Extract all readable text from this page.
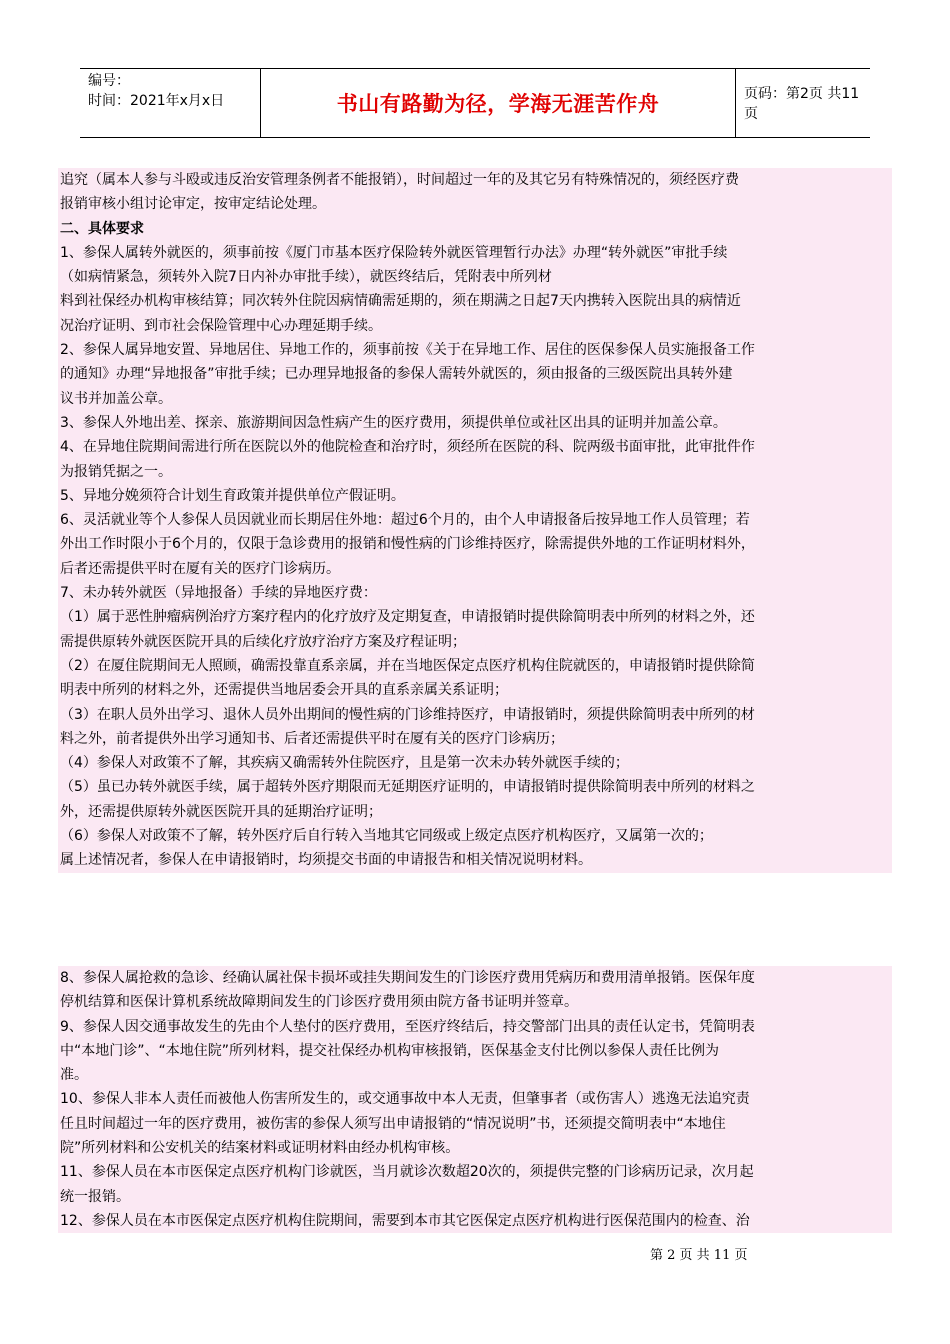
编号：
时间：2021年x月x日	书山有路勤为径，学海无涯苦作舟	页码：第2页 共11页

追究（属本人参与斗殴或违反治安管理条例者不能报销），时间超过一年的及其它另有特殊情况的，须经医疗费

报销审核小组讨论审定，按审定结论处理。

二、具体要求

1、参保人属转外就医的，须事前按《厦门市基本医疗保险转外就医管理暂行办法》办理“转外就医”审批手续

（如病情紧急，须转外入院7日内补办审批手续），就医终结后，凭附表中所列材

料到社保经办机构审核结算；同次转外住院因病情确需延期的，须在期满之日起7天内携转入医院出具的病情近

况治疗证明、到市社会保险管理中心办理延期手续。

2、参保人属异地安置、异地居住、异地工作的，须事前按《关于在异地工作、居住的医保参保人员实施报备工作

的通知》办理“异地报备”审批手续；已办理异地报备的参保人需转外就医的，须由报备的三级医院出具转外建

议书并加盖公章。

3、参保人外地出差、探亲、旅游期间因急性病产生的医疗费用，须提供单位或社区出具的证明并加盖公章。

4、在异地住院期间需进行所在医院以外的他院检查和治疗时，须经所在医院的科、院两级书面审批，此审批件作

为报销凭据之一。

5、异地分娩须符合计划生育政策并提供单位产假证明。

6、灵活就业等个人参保人员因就业而长期居住外地：超过6个月的，由个人申请报备后按异地工作人员管理；若

外出工作时限小于6个月的，仅限于急诊费用的报销和慢性病的门诊维持医疗，除需提供外地的工作证明材料外，

后者还需提供平时在厦有关的医疗门诊病历。

7、未办转外就医（异地报备）手续的异地医疗费：

（1）属于恶性肿瘤病例治疗方案疗程内的化疗放疗及定期复查，申请报销时提供除简明表中所列的材料之外，还

需提供原转外就医医院开具的后续化疗放疗治疗方案及疗程证明；

（2）在厦住院期间无人照顾，确需投靠直系亲属，并在当地医保定点医疗机构住院就医的，申请报销时提供除简

明表中所列的材料之外，还需提供当地居委会开具的直系亲属关系证明；

（3）在职人员外出学习、退休人员外出期间的慢性病的门诊维持医疗，申请报销时，须提供除简明表中所列的材

料之外，前者提供外出学习通知书、后者还需提供平时在厦有关的医疗门诊病历；

（4）参保人对政策不了解，其疾病又确需转外住院医疗，且是第一次未办转外就医手续的；

（5）虽已办转外就医手续，属于超转外医疗期限而无延期医疗证明的，申请报销时提供除简明表中所列的材料之

外，还需提供原转外就医医院开具的延期治疗证明；

（6）参保人对政策不了解，转外医疗后自行转入当地其它同级或上级定点医疗机构医疗，又属第一次的；

属上述情况者，参保人在申请报销时，均须提交书面的申请报告和相关情况说明材料。

8、参保人属抢救的急诊、经确认属社保卡损坏或挂失期间发生的门诊医疗费用凭病历和费用清单报销。医保年度

停机结算和医保计算机系统故障期间发生的门诊医疗费用须由院方备书证明并签章。

9、参保人因交通事故发生的先由个人垫付的医疗费用，至医疗终结后，持交警部门出具的责任认定书，凭简明表

中“本地门诊”、“本地住院”所列材料，提交社保经办机构审核报销，医保基金支付比例以参保人责任比例为

准。

10、参保人非本人责任而被他人伤害所发生的，或交通事故中本人无责，但肇事者（或伤害人）逃逸无法追究责

任且时间超过一年的医疗费用，被伤害的参保人须写出申请报销的“情况说明”书，还须提交简明表中“本地住

院”所列材料和公安机关的结案材料或证明材料由经办机构审核。

11、参保人员在本市医保定点医疗机构门诊就医，当月就诊次数超20次的，须提供完整的门诊病历记录，次月起

统一报销。

12、参保人员在本市医保定点医疗机构住院期间，需要到本市其它医保定点医疗机构进行医保范围内的检查、治

第 2 页 共 11 页
